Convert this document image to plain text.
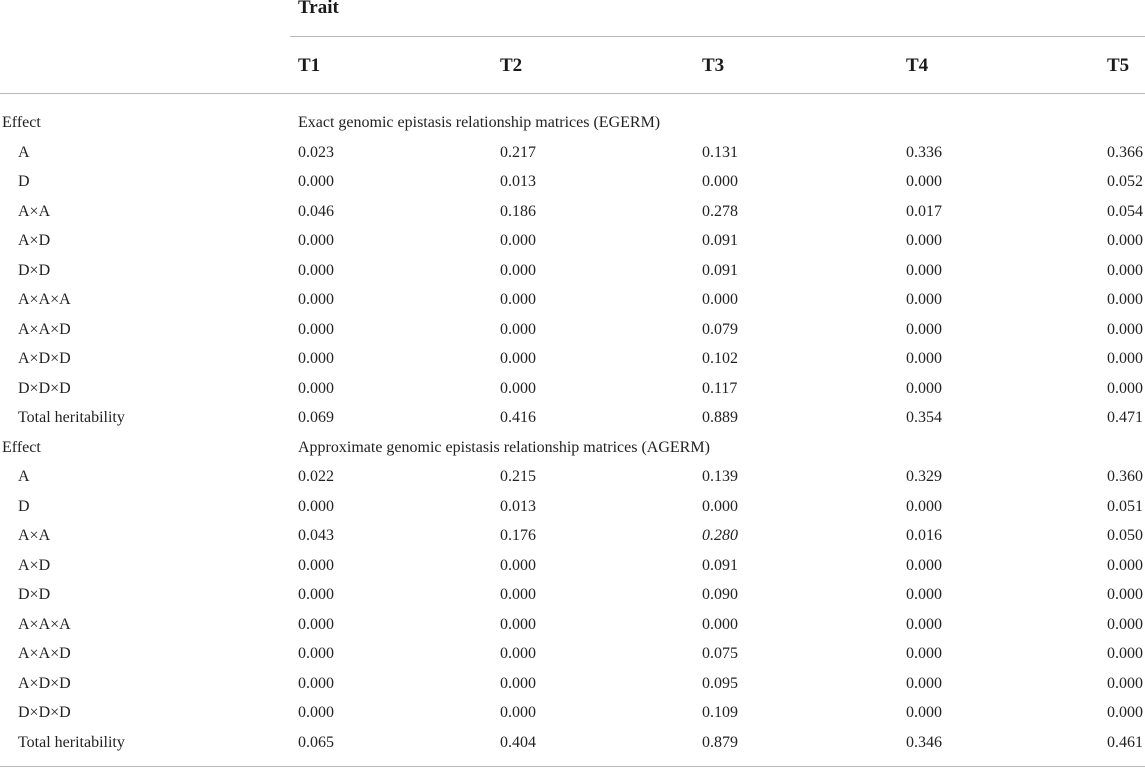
Trait
T1	T2	T3	T4	T5
Effect	Exact genomic epistasis relationship matrices (EGERM)
A	0.023	0.217	0.131	0.336	0.366
D	0.000	0.013	0.000	0.000	0.052
A×A	0.046	0.186	0.278	0.017	0.054
A×D	0.000	0.000	0.091	0.000	0.000
D×D	0.000	0.000	0.091	0.000	0.000
A×A×A	0.000	0.000	0.000	0.000	0.000
A×A×D	0.000	0.000	0.079	0.000	0.000
A×D×D	0.000	0.000	0.102	0.000	0.000
D×D×D	0.000	0.000	0.117	0.000	0.000
Total heritability	0.069	0.416	0.889	0.354	0.471
Effect	Approximate genomic epistasis relationship matrices (AGERM)
A	0.022	0.215	0.139	0.329	0.360
D	0.000	0.013	0.000	0.000	0.051
A×A	0.043	0.176	0.280	0.016	0.050
A×D	0.000	0.000	0.091	0.000	0.000
D×D	0.000	0.000	0.090	0.000	0.000
A×A×A	0.000	0.000	0.000	0.000	0.000
A×A×D	0.000	0.000	0.075	0.000	0.000
A×D×D	0.000	0.000	0.095	0.000	0.000
D×D×D	0.000	0.000	0.109	0.000	0.000
Total heritability	0.065	0.404	0.879	0.346	0.461
